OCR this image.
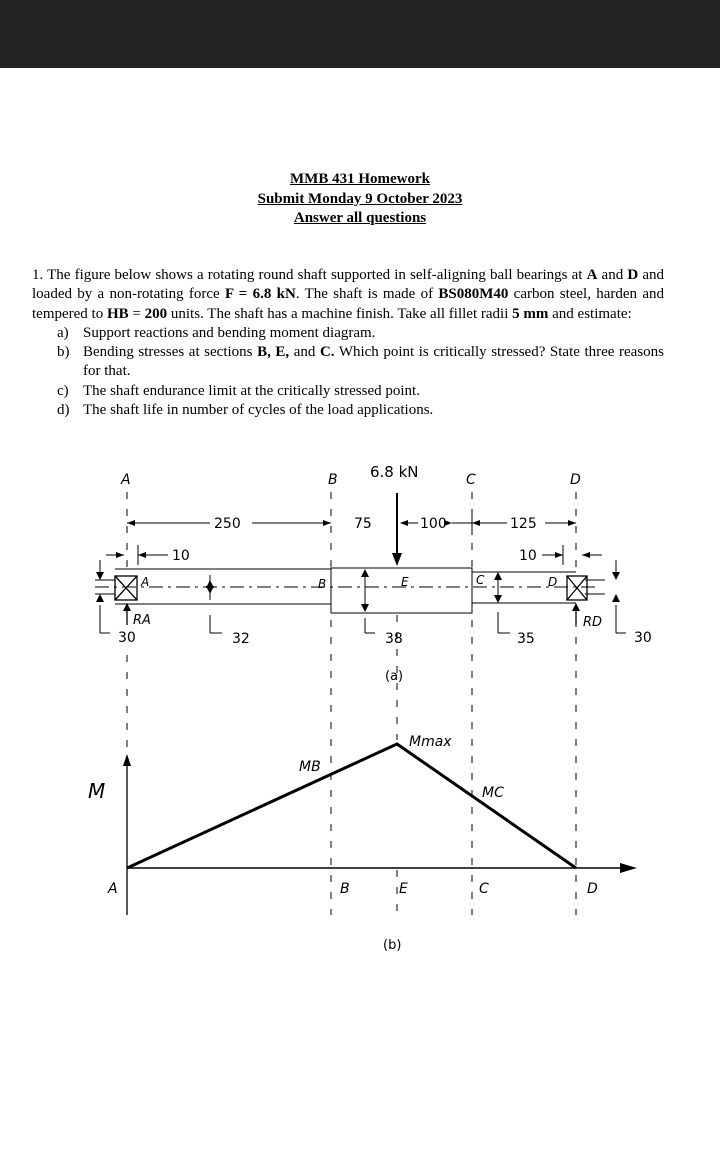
MMB 431 Homework
Submit Monday 9 October 2023
Answer all questions

1. The figure below shows a rotating round shaft supported in self-aligning ball bearings at A and D and loaded by a non-rotating force F = 6.8 kN. The shaft is made of BS080M40 carbon steel, harden and tempered to HB = 200 units. The shaft has a machine finish. Take all fillet radii 5 mm and estimate:

a) Support reactions and bending moment diagram.
b) Bending stresses at sections B, E, and C. Which point is critically stressed? State three reasons for that.
c) The shaft endurance limit at the critically stressed point.
d) The shaft life in number of cycles of the load applications.
A	B	C	D
6.8 kN
250	75	100	125
10	10
A	B	E	C	D
30	32	38	35	30
RA	RD
(a)
M
MB
Mmax
MC
A	B	E	C	D
(b)
